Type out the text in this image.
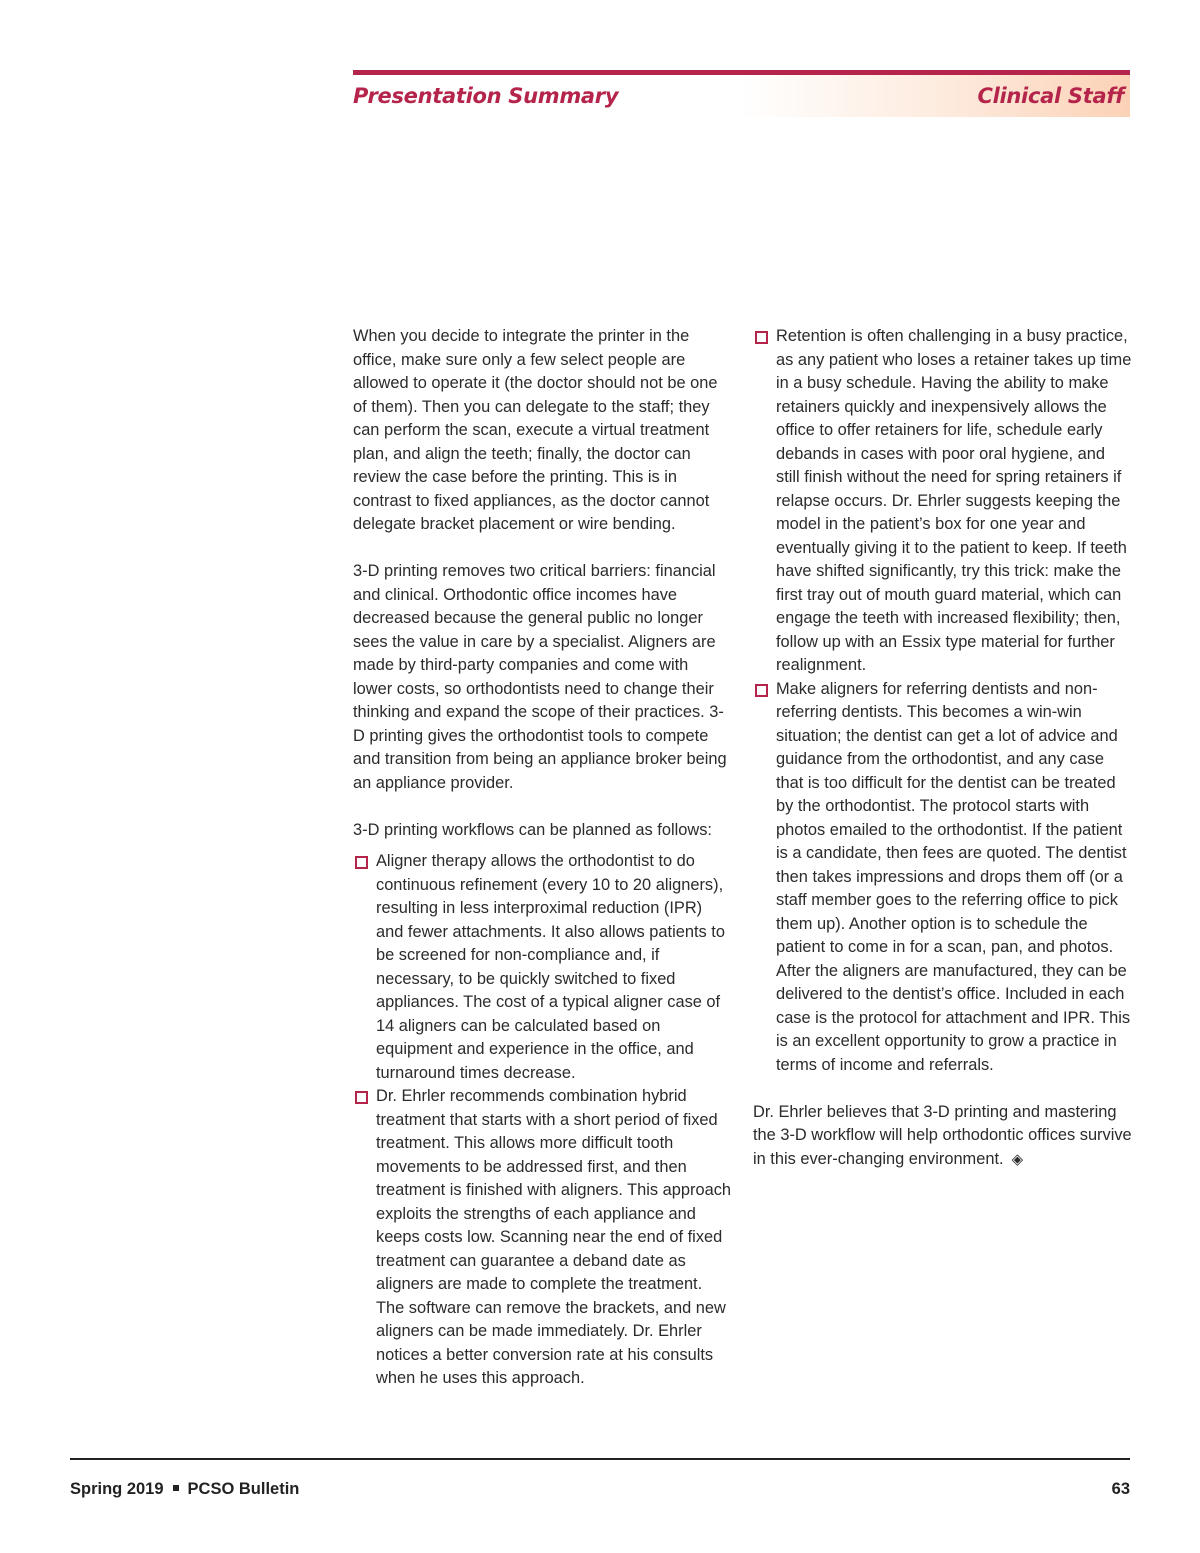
Presentation Summary	Clinical Staff

When you decide to integrate the printer in the office, make sure only a few select people are allowed to operate it (the doctor should not be one of them). Then you can delegate to the staff; they can perform the scan, execute a virtual treatment plan, and align the teeth; finally, the doctor can review the case before the printing. This is in contrast to fixed appliances, as the doctor cannot delegate bracket placement or wire bending.

3-D printing removes two critical barriers: financial and clinical. Orthodontic office incomes have decreased because the general public no longer sees the value in care by a specialist. Aligners are made by third-party companies and come with lower costs, so orthodontists need to change their thinking and expand the scope of their practices. 3-D printing gives the orthodontist tools to compete and transition from being an appliance broker being an appliance provider.

3-D printing workflows can be planned as follows:

Aligner therapy allows the orthodontist to do continuous refinement (every 10 to 20 aligners), resulting in less interproximal reduction (IPR) and fewer attachments. It also allows patients to be screened for non-compliance and, if necessary, to be quickly switched to fixed appliances. The cost of a typical aligner case of 14 aligners can be calculated based on equipment and experience in the office, and turnaround times decrease.
Dr. Ehrler recommends combination hybrid treatment that starts with a short period of fixed treatment. This allows more difficult tooth movements to be addressed first, and then treatment is finished with aligners. This approach exploits the strengths of each appliance and keeps costs low. Scanning near the end of fixed treatment can guarantee a deband date as aligners are made to complete the treatment. The software can remove the brackets, and new aligners can be made immediately. Dr. Ehrler notices a better conversion rate at his consults when he uses this approach.
Retention is often challenging in a busy practice, as any patient who loses a retainer takes up time in a busy schedule. Having the ability to make retainers quickly and inexpensively allows the office to offer retainers for life, schedule early debands in cases with poor oral hygiene, and still finish without the need for spring retainers if relapse occurs. Dr. Ehrler suggests keeping the model in the patient’s box for one year and eventually giving it to the patient to keep. If teeth have shifted significantly, try this trick: make the first tray out of mouth guard material, which can engage the teeth with increased flexibility; then, follow up with an Essix type material for further realignment.
Make aligners for referring dentists and non-referring dentists. This becomes a win-win situation; the dentist can get a lot of advice and guidance from the orthodontist, and any case that is too difficult for the dentist can be treated by the orthodontist. The protocol starts with photos emailed to the orthodontist. If the patient is a candidate, then fees are quoted. The dentist then takes impressions and drops them off (or a staff member goes to the referring office to pick them up). Another option is to schedule the patient to come in for a scan, pan, and photos. After the aligners are manufactured, they can be delivered to the dentist’s office. Included in each case is the protocol for attachment and IPR. This is an excellent opportunity to grow a practice in terms of income and referrals.

Dr. Ehrler believes that 3-D printing and mastering the 3-D workflow will help orthodontic offices survive in this ever-changing environment. ◈

Spring 2019 PCSO Bulletin	63
